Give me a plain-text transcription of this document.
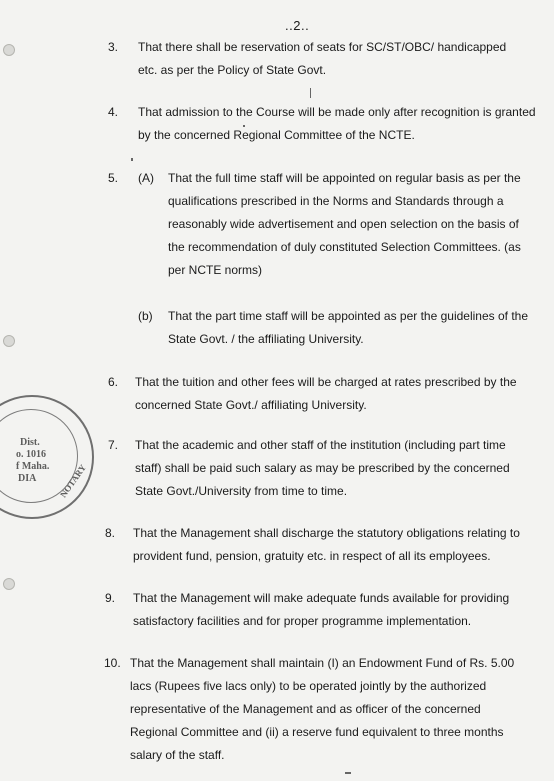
..2..
Dist.
o. 1016
f Maha.
DIA NOTARY
3. That there shall be reservation of seats for SC/ST/OBC/ handicapped
etc. as per the Policy of State Govt.
4. That admission to the Course will be made only after recognition is granted
by the concerned Regional Committee of the NCTE.
5. (A) That the full time staff will be appointed on regular basis as per the
qualifications prescribed in the Norms and Standards through a
reasonably wide advertisement and open selection on the basis of
the recommendation of duly constituted Selection Committees. (as
per NCTE norms)
(b) That the part time staff will be appointed as per the guidelines of the
State Govt. / the affiliating University.
6. That the tuition and other fees will be charged at rates prescribed by the
concerned State Govt./ affiliating University.
7. That the academic and other staff of the institution (including part time
staff) shall be paid such salary as may be prescribed by the concerned
State Govt./University from time to time.
8. That the Management shall discharge the statutory obligations relating to
provident fund, pension, gratuity etc. in respect of all its employees.
9. That the Management will make adequate funds available for providing
satisfactory facilities and for proper programme implementation.
10. That the Management shall maintain (I) an Endowment Fund of Rs. 5.00
lacs (Rupees five lacs only) to be operated jointly by the authorized
representative of the Management and as officer of the concerned
Regional Committee and (ii) a reserve fund equivalent to three months
salary of the staff.
